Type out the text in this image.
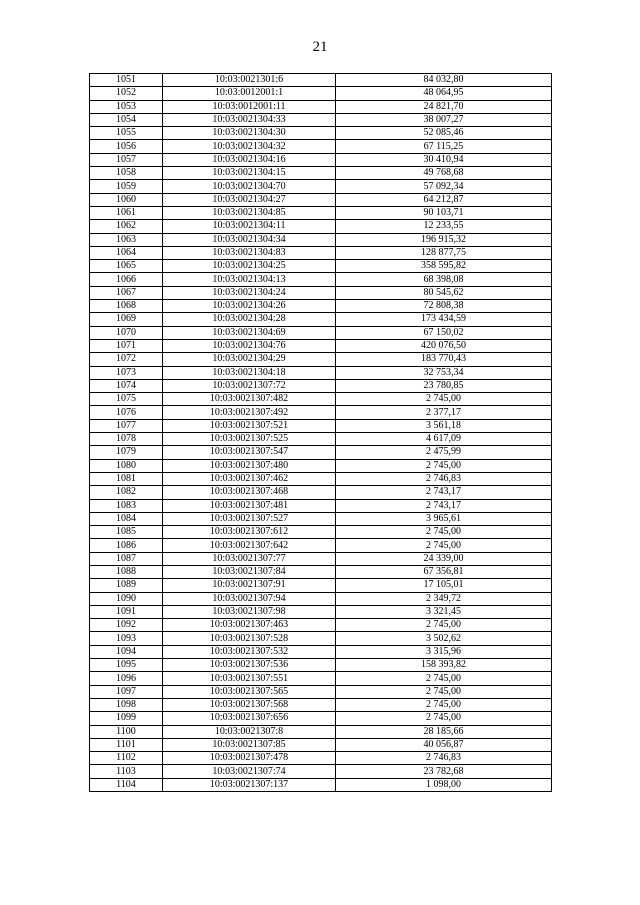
21
1051	10:03:0021301:6	84 032,80
1052	10:03:0012001:1	48 064,95
1053	10:03:0012001:11	24 821,70
1054	10:03:0021304:33	38 007,27
1055	10:03:0021304:30	52 085,46
1056	10:03:0021304:32	67 115,25
1057	10:03:0021304:16	30 410,94
1058	10:03:0021304:15	49 768,68
1059	10:03:0021304:70	57 092,34
1060	10:03:0021304:27	64 212,87
1061	10:03:0021304:85	90 103,71
1062	10:03:0021304:11	12 233,55
1063	10:03:0021304:34	196 915,32
1064	10:03:0021304:83	128 877,75
1065	10:03:0021304:25	358 595,82
1066	10:03:0021304:13	68 398,08
1067	10:03:0021304:24	80 545,62
1068	10:03:0021304:26	72 808,38
1069	10:03:0021304:28	173 434,59
1070	10:03:0021304:69	67 150,02
1071	10:03:0021304:76	420 076,50
1072	10:03:0021304:29	183 770,43
1073	10:03:0021304:18	32 753,34
1074	10:03:0021307:72	23 780,85
1075	10:03:0021307:482	2 745,00
1076	10:03:0021307:492	2 377,17
1077	10:03:0021307:521	3 561,18
1078	10:03:0021307:525	4 617,09
1079	10:03:0021307:547	2 475,99
1080	10:03:0021307:480	2 745,00
1081	10:03:0021307:462	2 746,83
1082	10:03:0021307:468	2 743,17
1083	10:03:0021307:481	2 743,17
1084	10:03:0021307:527	3 965,61
1085	10:03:0021307:612	2 745,00
1086	10:03:0021307:642	2 745,00
1087	10:03:0021307:77	24 339,00
1088	10:03:0021307:84	67 356,81
1089	10:03:0021307:91	17 105,01
1090	10:03:0021307:94	2 349,72
1091	10:03:0021307:98	3 321,45
1092	10:03:0021307:463	2 745,00
1093	10:03:0021307:528	3 502,62
1094	10:03:0021307:532	3 315,96
1095	10:03:0021307:536	158 393,82
1096	10:03:0021307:551	2 745,00
1097	10:03:0021307:565	2 745,00
1098	10:03:0021307:568	2 745,00
1099	10:03:0021307:656	2 745,00
1100	10:03:0021307:8	28 185,66
1101	10:03:0021307:85	40 056,87
1102	10:03:0021307:478	2 746,83
1103	10:03:0021307:74	23 782,68
1104	10:03:0021307:137	1 098,00
